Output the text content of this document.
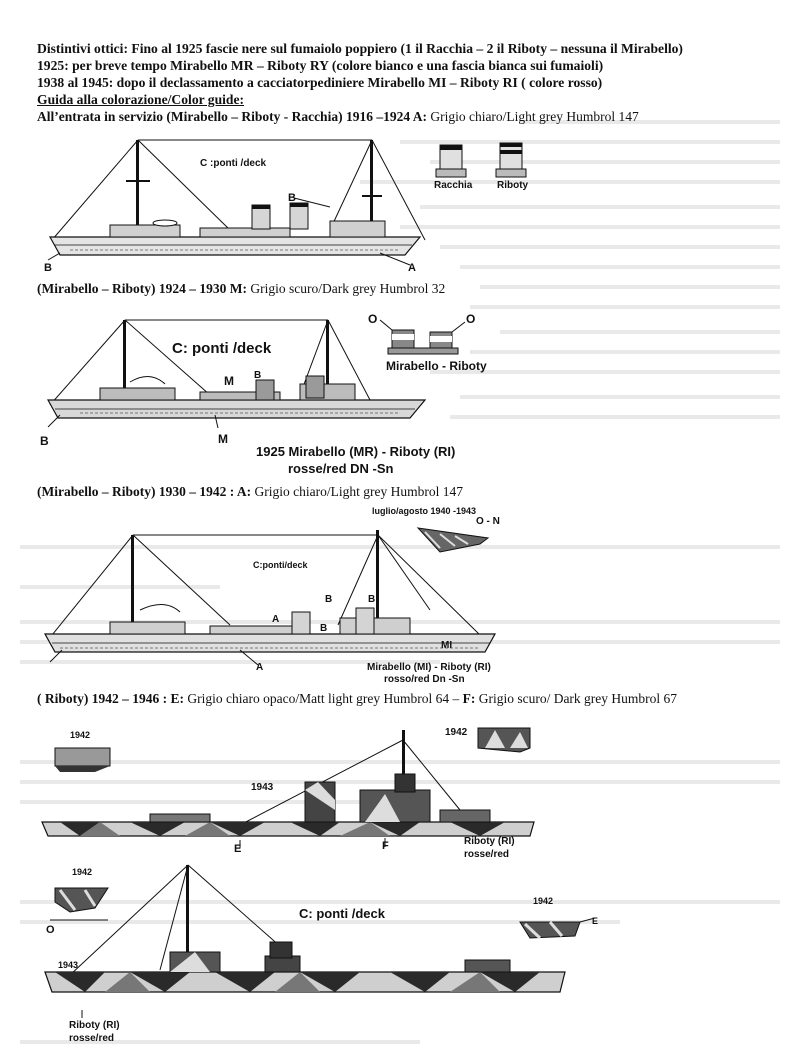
Distintivi ottici: Fino al 1925 fascie nere sul fumaiolo poppiero (1 il Racchia – 2 il Riboty – nessuna il Mirabello)
1925: per breve tempo Mirabello MR – Riboty RY (colore bianco e una fascia bianca sui fumaioli)
1938 al 1945: dopo il declassamento a cacciatorpediniere Mirabello MI – Riboty RI ( colore rosso)
Guida alla colorazione/Color guide:
All’entrata in servizio (Mirabello – Riboty - Racchia) 1916 –1924 A: Grigio chiaro/Light grey Humbrol 147
(Mirabello – Riboty) 1924 – 1930 M: Grigio scuro/Dark grey Humbrol 32
(Mirabello – Riboty) 1930 – 1942 : A: Grigio chiaro/Light grey Humbrol 147
( Riboty) 1942 – 1946 : E: Grigio chiaro opaco/Matt light grey Humbrol 64 – F: Grigio scuro/ Dark grey Humbrol 67
C :ponti /deck
Racchia Riboty
B
B	A
C: ponti /deck
O	O
Mirabello - Riboty
M B
B	M
1925 Mirabello (MR) - Riboty (RI)
rosse/red DN -Sn
luglio/agosto 1940 -1943
O - N
C:ponti/deck
B	B
A
B
A
MI
Mirabello (MI) - Riboty (RI)
rosso/red Dn -Sn
1942	1942
1943
E	F	Riboty (RI)
rosse/red
1942
O
C: ponti /deck
1942
E
1943
Riboty (RI)
rosse/red
